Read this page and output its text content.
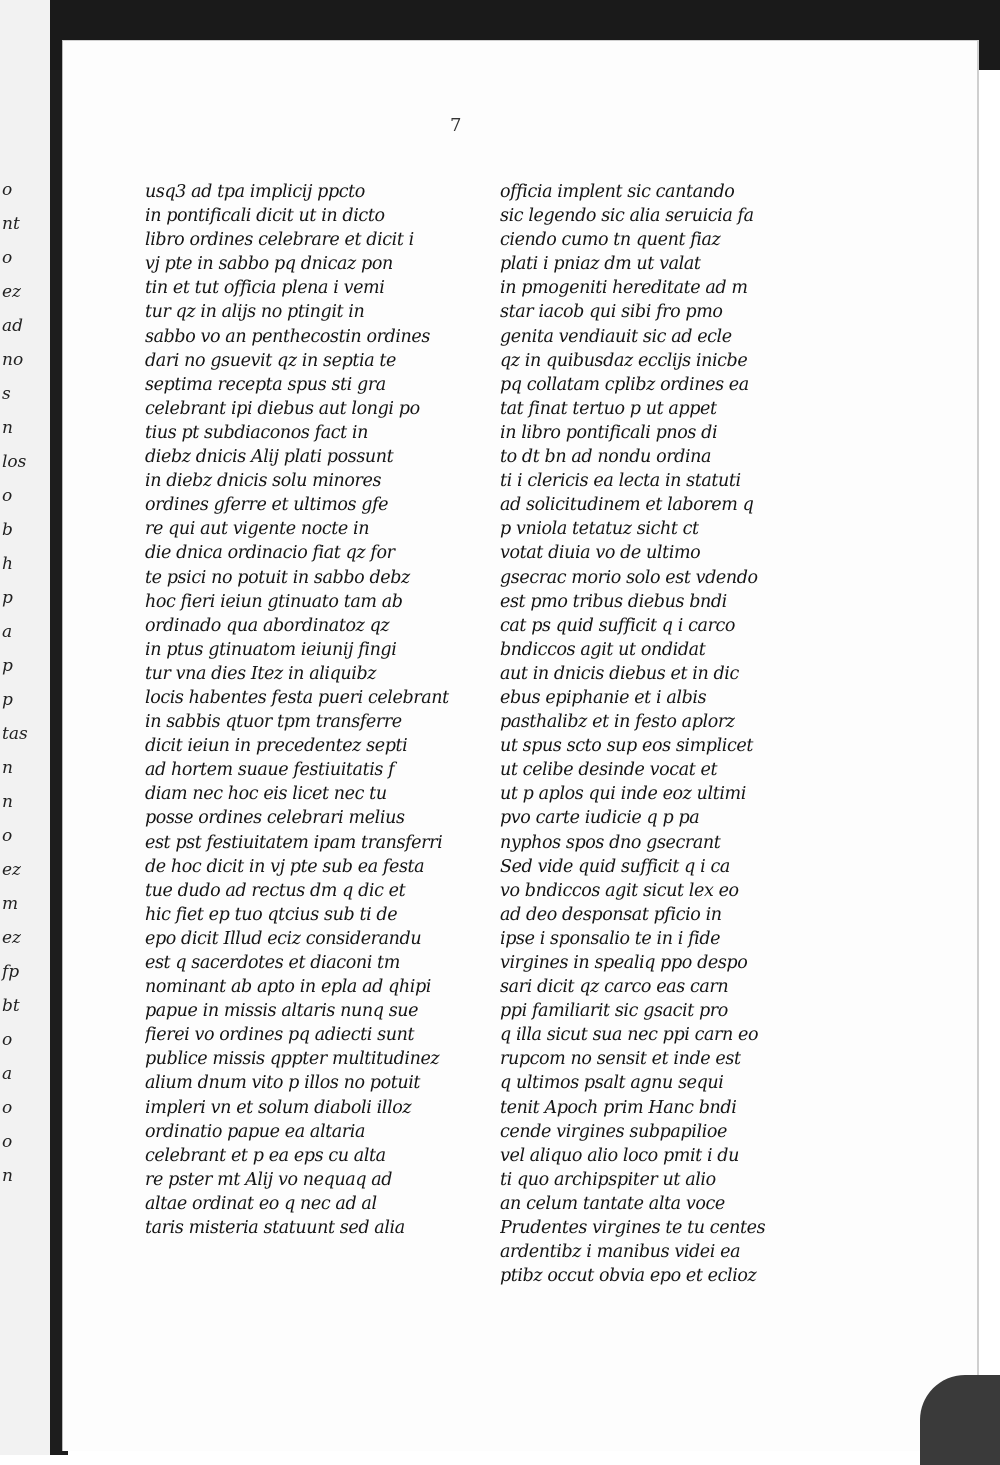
o
nt
o
ez
ad
no
s
n
los
o
b
h
p
a
p
p
tas
n
n
o
ez
m
ez
fp
bt
o
a
o
o
n
7
usq3 ad tpa implicij ppcto
in pontificali dicit ut in dicto
libro ordines celebrare et dicit i
vj pte in sabbo pq dnicaz pon
tin et tut officia plena i vemi
tur qz in alijs no ptingit in
sabbo vo an penthecostin ordines
dari no gsuevit qz in septia te
septima recepta spus sti gra
celebrant ipi diebus aut longi po
tius pt subdiaconos fact in
diebz dnicis Alij plati possunt
in diebz dnicis solu minores
ordines gferre et ultimos gfe
re qui aut vigente nocte in
die dnica ordinacio fiat qz for
te psici no potuit in sabbo debz
hoc fieri ieiun gtinuato tam ab
ordinado qua abordinatoz qz
in ptus gtinuatom ieiunij fingi
tur vna dies Itez in aliquibz
locis habentes festa pueri celebrant
in sabbis qtuor tpm transferre
dicit ieiun in precedentez septi
ad hortem suaue festiuitatis f
diam nec hoc eis licet nec tu
posse ordines celebrari melius
est pst festiuitatem ipam transferri
de hoc dicit in vj pte sub ea festa
tue dudo ad rectus dm q dic et
hic fiet ep tuo qtcius sub ti de
epo dicit Illud eciz considerandu
est q sacerdotes et diaconi tm
nominant ab apto in epla ad qhipi
papue in missis altaris nunq sue
fierei vo ordines pq adiecti sunt
publice missis qppter multitudinez
alium dnum vito p illos no potuit
impleri vn et solum diaboli illoz
ordinatio papue ea altaria
celebrant et p ea eps cu alta
re pster mt Alij vo nequaq ad
altae ordinat eo q nec ad al
taris misteria statuunt sed alia
officia implent sic cantando
sic legendo sic alia seruicia fa
ciendo cumo tn quent fiaz
plati i pniaz dm ut valat
in pmogeniti hereditate ad m
star iacob qui sibi fro pmo
genita vendiauit sic ad ecle
qz in quibusdaz ecclijs inicbe
pq collatam cplibz ordines ea
tat finat tertuo p ut appet
in libro pontificali pnos di
to dt bn ad nondu ordina
ti i clericis ea lecta in statuti
ad solicitudinem et laborem q
p vniola tetatuz sicht ct
votat diuia vo de ultimo
gsecrac morio solo est vdendo
est pmo tribus diebus bndi
cat ps quid sufficit q i carco
bndiccos agit ut ondidat
aut in dnicis diebus et in dic
ebus epiphanie et i albis
pasthalibz et in festo aplorz
ut spus scto sup eos simplicet
ut celibe desinde vocat et
ut p aplos qui inde eoz ultimi
pvo carte iudicie q p pa
nyphos spos dno gsecrant
Sed vide quid sufficit q i ca
vo bndiccos agit sicut lex eo
ad deo desponsat pficio in
ipse i sponsalio te in i fide
virgines in spealiq ppo despo
sari dicit qz carco eas carn
ppi familiarit sic gsacit pro
q illa sicut sua nec ppi carn eo
rupcom no sensit et inde est
q ultimos psalt agnu sequi
tenit Apoch prim Hanc bndi
cende virgines subpapilioe
vel aliquo alio loco pmit i du
ti quo archipspiter ut alio
an celum tantate alta voce
Prudentes virgines te tu centes
ardentibz i manibus videi ea
ptibz occut obvia epo et eclioz
